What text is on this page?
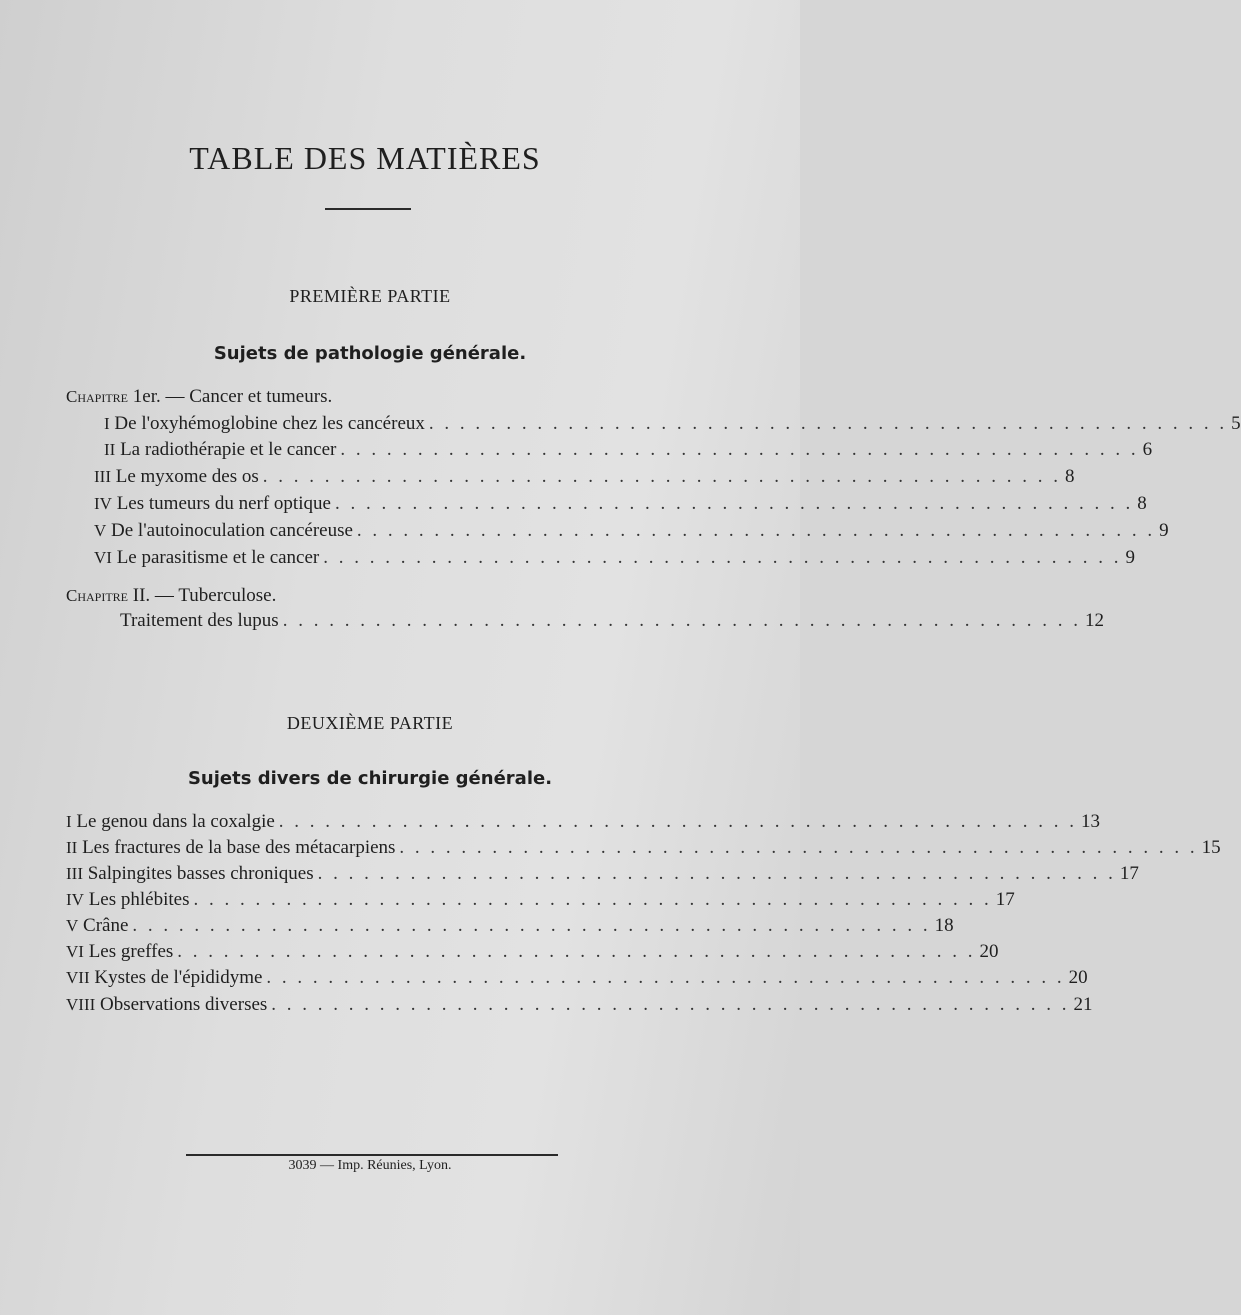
TABLE DES MATIÈRES
PREMIÈRE PARTIE
Sujets de pathologie générale.
Chapitre 1er. — Cancer et tumeurs.
I
De l'oxyhémoglobine chez les cancéreux . . . . . . . . . . . . . . . . . . . . . . . . . . . . . . . . . . . . . . . . . . . . . . . . . . . . 5
II
La radiothérapie et le cancer . . . . . . . . . . . . . . . . . . . . . . . . . . . . . . . . . . . . . . . . . . . . . . . . . . . . 6
III
Le myxome des os . . . . . . . . . . . . . . . . . . . . . . . . . . . . . . . . . . . . . . . . . . . . . . . . . . . . 8
IV
Les tumeurs du nerf optique . . . . . . . . . . . . . . . . . . . . . . . . . . . . . . . . . . . . . . . . . . . . . . . . . . . . 8
V
De l'autoinoculation cancéreuse . . . . . . . . . . . . . . . . . . . . . . . . . . . . . . . . . . . . . . . . . . . . . . . . . . . . 9
VI
Le parasitisme et le cancer . . . . . . . . . . . . . . . . . . . . . . . . . . . . . . . . . . . . . . . . . . . . . . . . . . . . 9
Chapitre II. — Tuberculose.
Traitement des lupus . . . . . . . . . . . . . . . . . . . . . . . . . . . . . . . . . . . . . . . . . . . . . . . . . . . . 12
DEUXIÈME PARTIE
Sujets divers de chirurgie générale.
I
Le genou dans la coxalgie . . . . . . . . . . . . . . . . . . . . . . . . . . . . . . . . . . . . . . . . . . . . . . . . . . . . 13
II
Les fractures de la base des métacarpiens . . . . . . . . . . . . . . . . . . . . . . . . . . . . . . . . . . . . . . . . . . . . . . . . . . . . 15
III
Salpingites basses chroniques . . . . . . . . . . . . . . . . . . . . . . . . . . . . . . . . . . . . . . . . . . . . . . . . . . . . 17
IV
Les phlébites . . . . . . . . . . . . . . . . . . . . . . . . . . . . . . . . . . . . . . . . . . . . . . . . . . . . 17
V
Crâne . . . . . . . . . . . . . . . . . . . . . . . . . . . . . . . . . . . . . . . . . . . . . . . . . . . . 18
VI
Les greffes . . . . . . . . . . . . . . . . . . . . . . . . . . . . . . . . . . . . . . . . . . . . . . . . . . . . 20
VII
Kystes de l'épididyme . . . . . . . . . . . . . . . . . . . . . . . . . . . . . . . . . . . . . . . . . . . . . . . . . . . . 20
VIII
Observations diverses . . . . . . . . . . . . . . . . . . . . . . . . . . . . . . . . . . . . . . . . . . . . . . . . . . . . 21
3039 — Imp. Réunies, Lyon.
